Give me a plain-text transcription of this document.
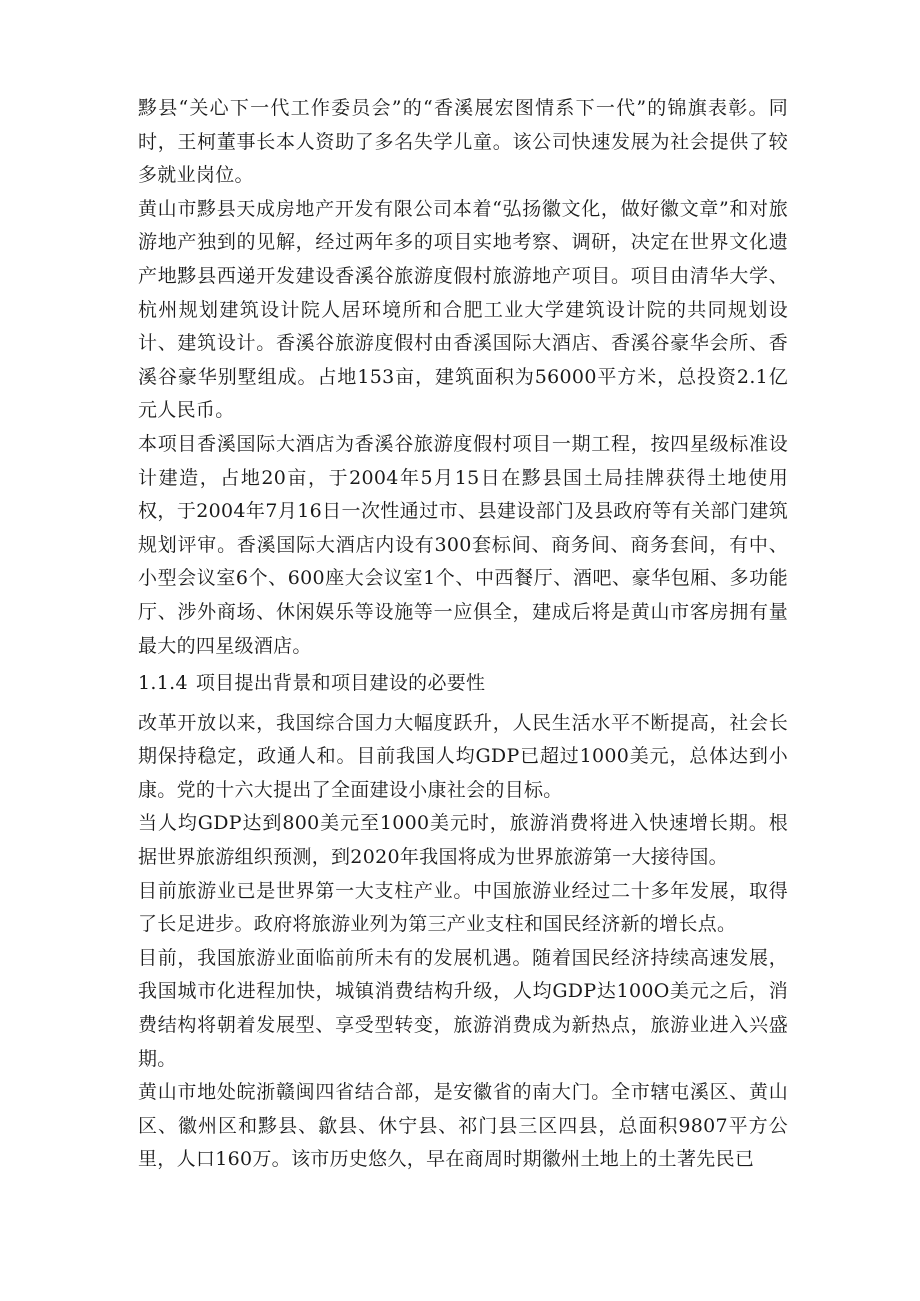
黟县“关心下一代工作委员会”的“香溪展宏图情系下一代”的锦旗表彰。同时，王柯董事长本人资助了多名失学儿童。该公司快速发展为社会提供了较多就业岗位。

黄山市黟县天成房地产开发有限公司本着“弘扬徽文化，做好徽文章”和对旅游地产独到的见解，经过两年多的项目实地考察、调研，决定在世界文化遗产地黟县西递开发建设香溪谷旅游度假村旅游地产项目。项目由清华大学、杭州规划建筑设计院人居环境所和合肥工业大学建筑设计院的共同规划设计、建筑设计。香溪谷旅游度假村由香溪国际大酒店、香溪谷豪华会所、香溪谷豪华别墅组成。占地153亩，建筑面积为56000平方米，总投资2.1亿元人民币。

本项目香溪国际大酒店为香溪谷旅游度假村项目一期工程，按四星级标准设计建造，占地20亩，于2004年5月15日在黟县国土局挂牌获得土地使用权，于2004年7月16日一次性通过市、县建设部门及县政府等有关部门建筑规划评审。香溪国际大酒店内设有300套标间、商务间、商务套间，有中、小型会议室6个、600座大会议室1个、中西餐厅、酒吧、豪华包厢、多功能厅、涉外商场、休闲娱乐等设施等一应俱全，建成后将是黄山市客房拥有量最大的四星级酒店。

1.1.4 项目提出背景和项目建设的必要性

改革开放以来，我国综合国力大幅度跃升，人民生活水平不断提高，社会长期保持稳定，政通人和。目前我国人均GDP已超过1000美元，总体达到小康。党的十六大提出了全面建设小康社会的目标。

当人均GDP达到800美元至1000美元时，旅游消费将进入快速增长期。根据世界旅游组织预测，到2020年我国将成为世界旅游第一大接待国。

目前旅游业已是世界第一大支柱产业。中国旅游业经过二十多年发展，取得了长足进步。政府将旅游业列为第三产业支柱和国民经济新的增长点。

目前，我国旅游业面临前所未有的发展机遇。随着国民经济持续高速发展，我国城市化进程加快，城镇消费结构升级，人均GDP达100O美元之后，消费结构将朝着发展型、享受型转变，旅游消费成为新热点，旅游业进入兴盛期。

黄山市地处皖浙赣闽四省结合部，是安徽省的南大门。全市辖屯溪区、黄山区、徽州区和黟县、歙县、休宁县、祁门县三区四县，总面积9807平方公里，人口160万。该市历史悠久，早在商周时期徽州土地上的土著先民已
